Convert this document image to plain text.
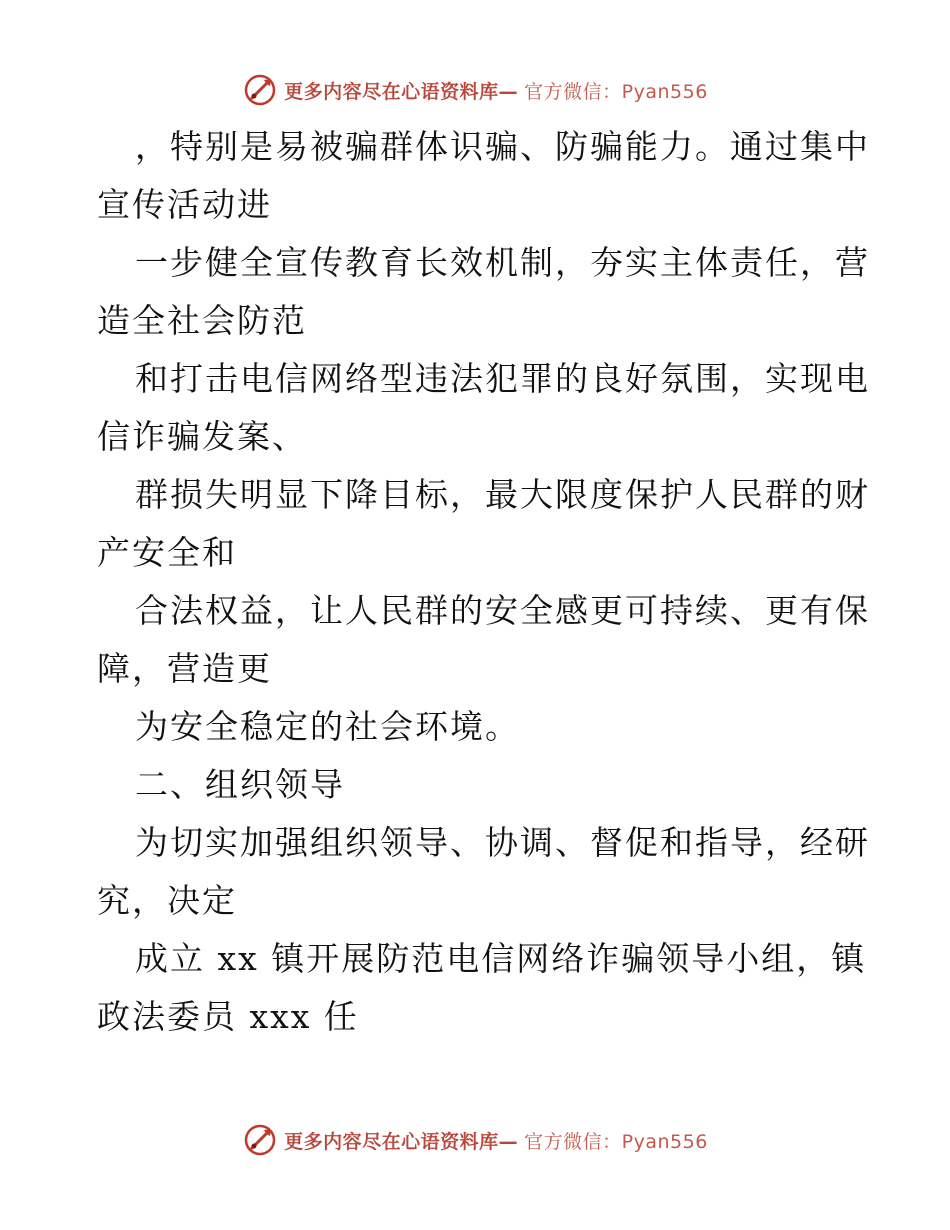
更多内容尽在心语资料库— 官方微信：Pyan556
，特别是易被骗群体识骗、防骗能力。通过集中
宣传活动进
一步健全宣传教育长效机制，夯实主体责任，营
造全社会防范
和打击电信网络型违法犯罪的良好氛围，实现电
信诈骗发案、
群损失明显下降目标，最大限度保护人民群的财
产安全和
合法权益，让人民群的安全感更可持续、更有保
障，营造更
为安全稳定的社会环境。
二、组织领导
为切实加强组织领导、协调、督促和指导，经研
究，决定
成立 xx 镇开展防范电信网络诈骗领导小组，镇
政法委员 xxx 任
更多内容尽在心语资料库— 官方微信：Pyan556
